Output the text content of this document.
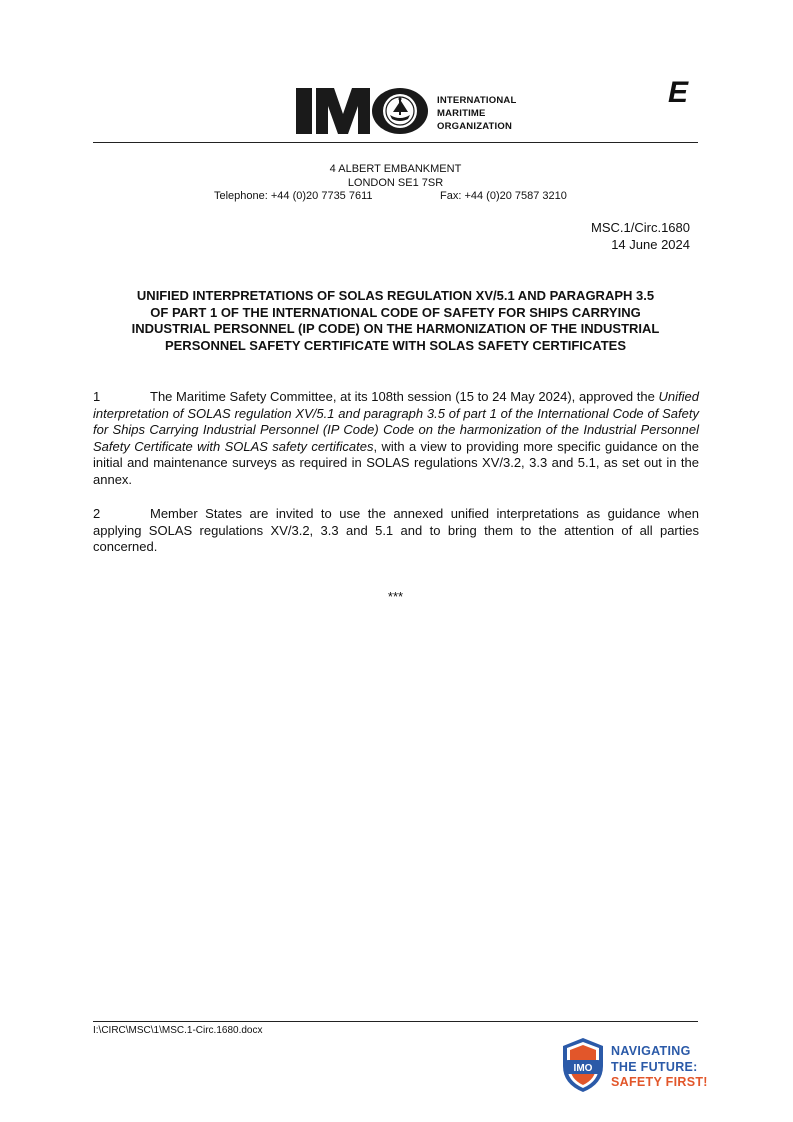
INTERNATIONAL
MARITIME
ORGANIZATION
E
4 ALBERT EMBANKMENT
LONDON SE1 7SR
Telephone: +44 (0)20 7735 7611	Fax: +44 (0)20 7587 3210
MSC.1/Circ.1680
14 June 2024
UNIFIED INTERPRETATIONS OF SOLAS REGULATION XV/5.1 AND PARAGRAPH 3.5
OF PART 1 OF THE INTERNATIONAL CODE OF SAFETY FOR SHIPS CARRYING
INDUSTRIAL PERSONNEL (IP CODE) ON THE HARMONIZATION OF THE INDUSTRIAL
PERSONNEL SAFETY CERTIFICATE WITH SOLAS SAFETY CERTIFICATES
1	The Maritime Safety Committee, at its 108th session (15 to 24 May 2024), approved the Unified interpretation of SOLAS regulation XV/5.1 and paragraph 3.5 of part 1 of the International Code of Safety for Ships Carrying Industrial Personnel (IP Code) Code on the harmonization of the Industrial Personnel Safety Certificate with SOLAS safety certificates, with a view to providing more specific guidance on the initial and maintenance surveys as required in SOLAS regulations XV/3.2, 3.3 and 5.1, as set out in the annex.
2	Member States are invited to use the annexed unified interpretations as guidance when applying SOLAS regulations XV/3.2, 3.3 and 5.1 and to bring them to the attention of all parties concerned.
***
I:\CIRC\MSC\1\MSC.1-Circ.1680.docx
IMO
NAVIGATING
THE FUTURE:
SAFETY FIRST!
